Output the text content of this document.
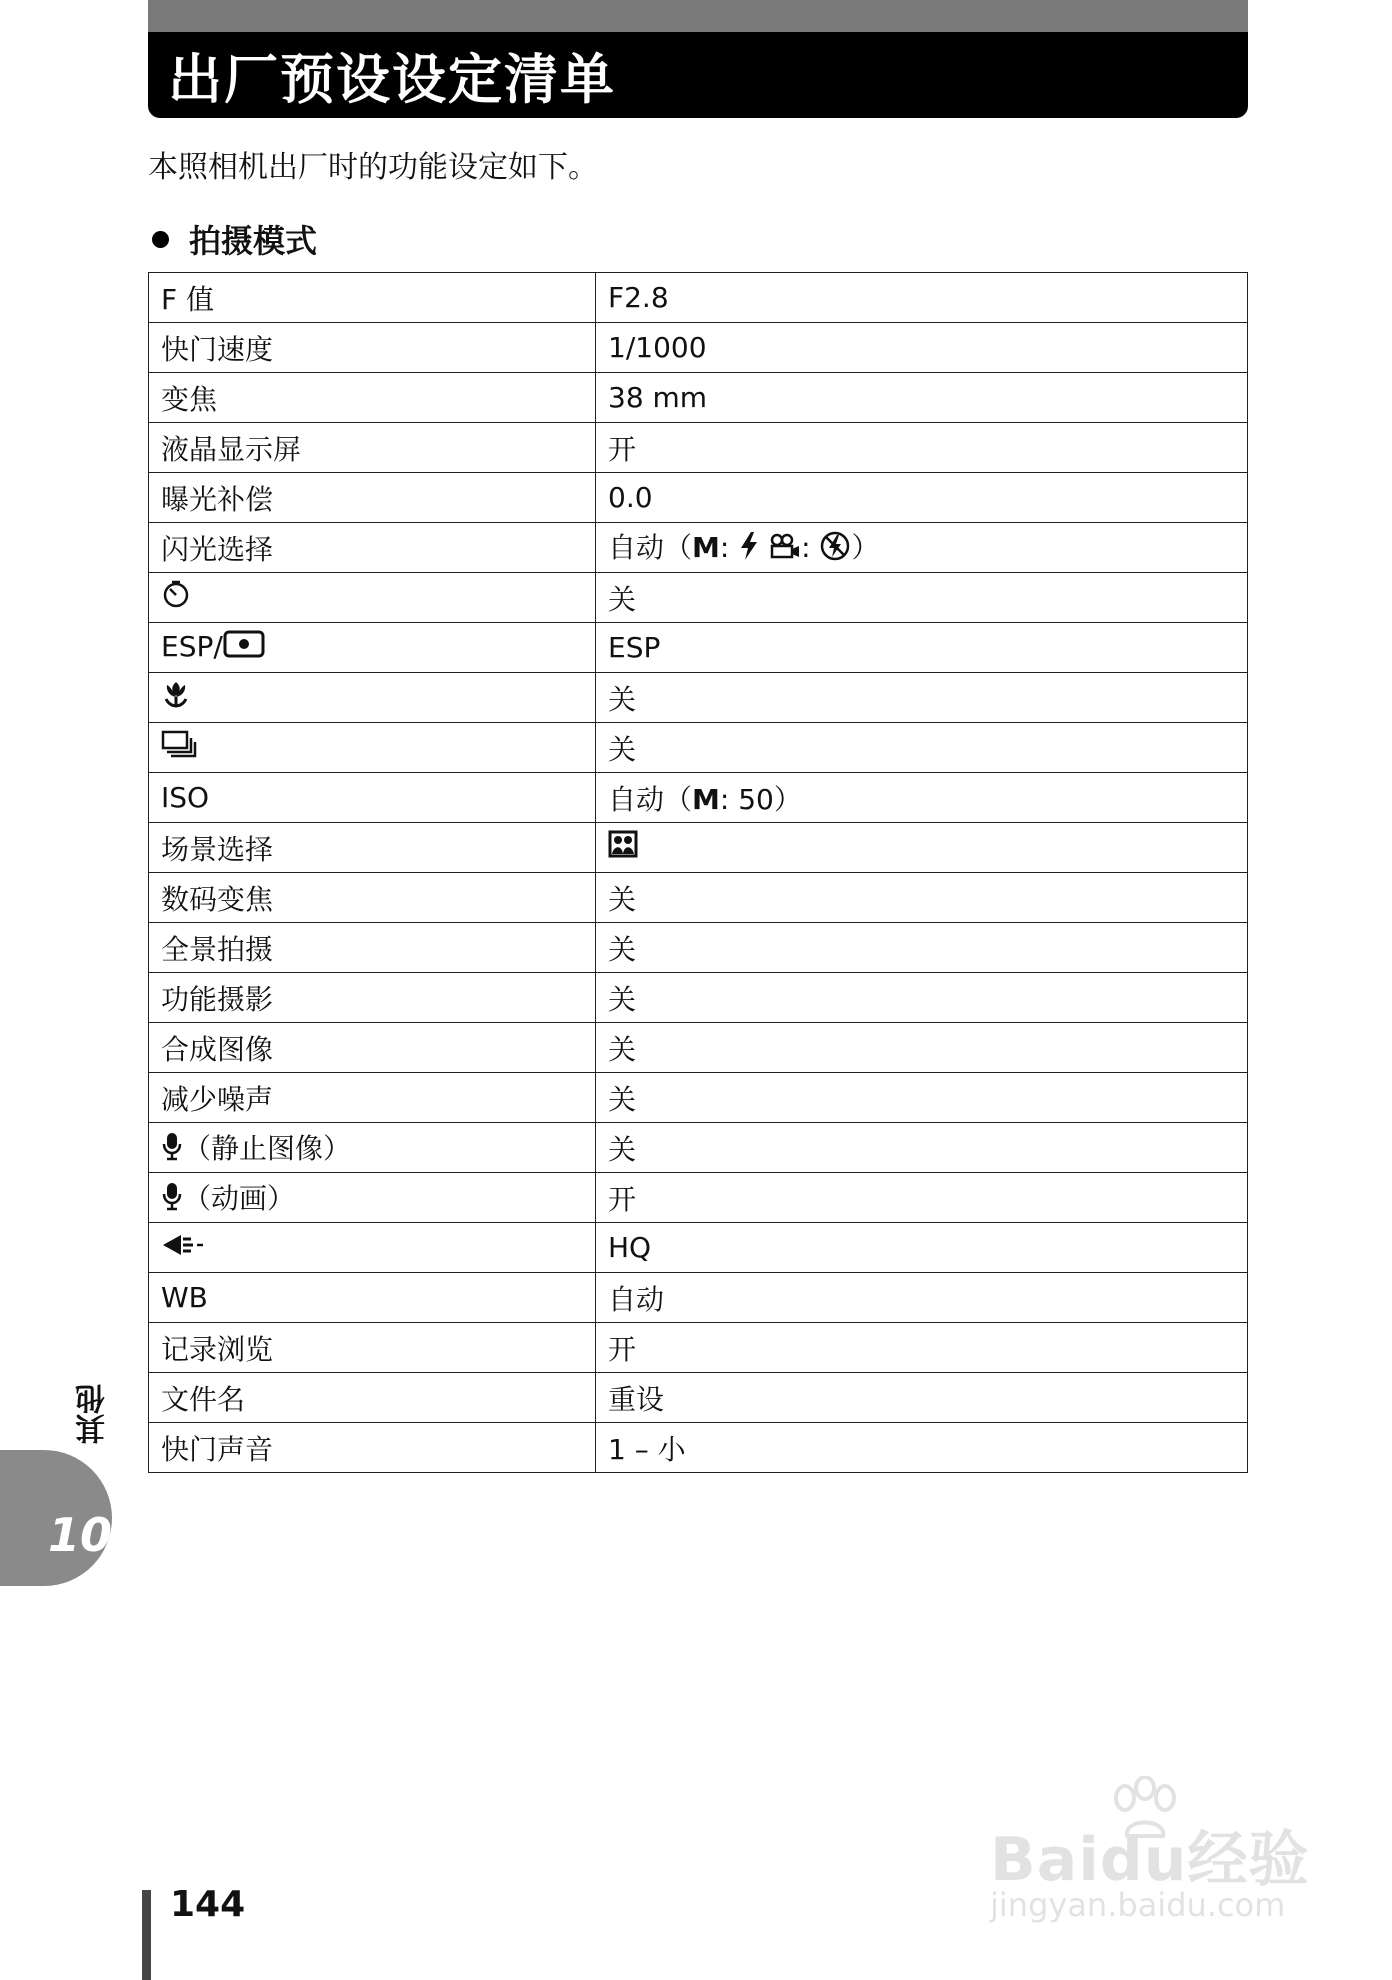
出厂预设设定清单
本照相机出厂时的功能设定如下。
拍摄模式
F 值	F2.8
快门速度	1/1000
变焦	38 mm
液晶显示屏	开
曝光补偿	0.0
闪光选择	自动（M: : ）
	关
ESP/	ESP
	关
	关
ISO	自动（M: 50）
场景选择	
数码变焦	关
全景拍摄	关
功能摄影	关
合成图像	关
减少噪声	关
（静止图像）	关
（动画）	开
	HQ
WB	自动
记录浏览	开
文件名	重设
快门声音	1 – 小
10
其他
144
Baidu经验
jingyan.baidu.com
